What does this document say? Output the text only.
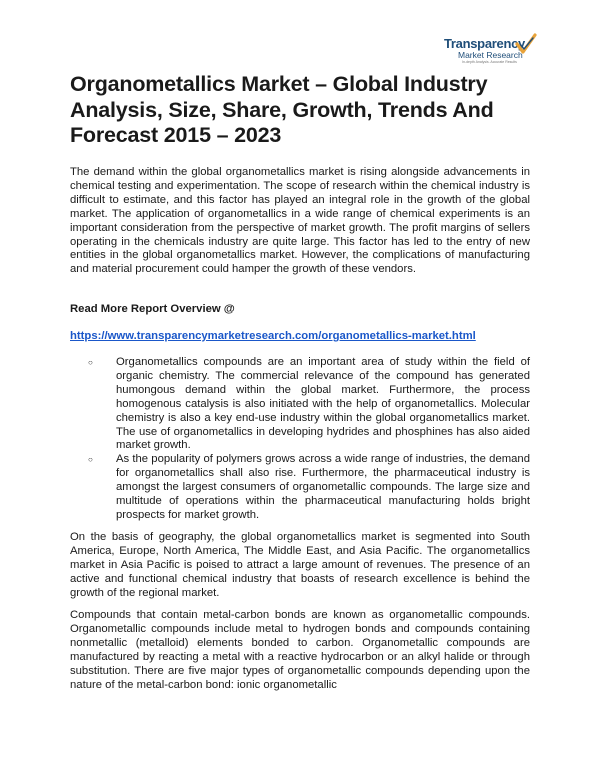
Transparency
Market Research
In-depth Analysis. Accurate Results
Organometallics Market – Global Industry Analysis, Size, Share, Growth, Trends And Forecast 2015 – 2023

The demand within the global organometallics market is rising alongside advancements in chemical testing and experimentation. The scope of research within the chemical industry is difficult to estimate, and this factor has played an integral role in the growth of the global market. The application of organometallics in a wide range of chemical experiments is an important consideration from the perspective of market growth. The profit margins of sellers operating in the chemicals industry are quite large. This factor has led to the entry of new entities in the global organometallics market. However, the complications of manufacturing and material procurement could hamper the growth of these vendors.

Read More Report Overview @

https://www.transparencymarketresearch.com/organometallics-market.html
○ Organometallics compounds are an important area of study within the field of organic chemistry. The commercial relevance of the compound has generated humongous demand within the global market. Furthermore, the process homogenous catalysis is also initiated with the help of organometallics. Molecular chemistry is also a key end-use industry within the global organometallics market. The use of organometallics in developing hydrides and phosphines has also aided market growth.
○ As the popularity of polymers grows across a wide range of industries, the demand for organometallics shall also rise. Furthermore, the pharmaceutical industry is amongst the largest consumers of organometallic compounds. The large size and multitude of operations within the pharmaceutical manufacturing holds bright prospects for market growth.

On the basis of geography, the global organometallics market is segmented into South America, Europe, North America, The Middle East, and Asia Pacific. The organometallics market in Asia Pacific is poised to attract a large amount of revenues. The presence of an active and functional chemical industry that boasts of research excellence is behind the growth of the regional market.

Compounds that contain metal-carbon bonds are known as organometallic compounds. Organometallic compounds include metal to hydrogen bonds and compounds containing nonmetallic (metalloid) elements bonded to carbon. Organometallic compounds are manufactured by reacting a metal with a reactive hydrocarbon or an alkyl halide or through substitution. There are five major types of organometallic compounds depending upon the nature of the metal-carbon bond: ionic organometallic
